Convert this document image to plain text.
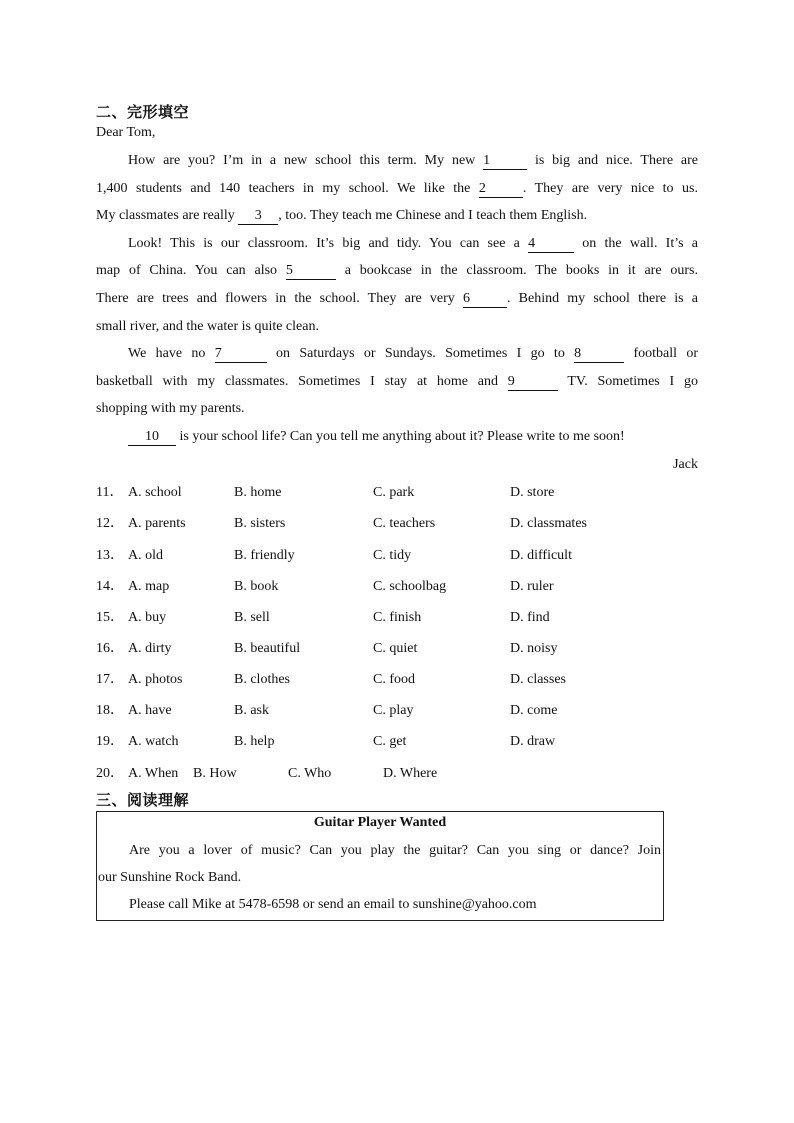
二、完形填空
Dear Tom,
How are you? I’m in a new school this term. My new 1	is big and nice. There are
1,400 students and 140 teachers in my school. We like the 2	. They are very nice to us.
My classmates are really 3 , too. They teach me Chinese and I teach them English.
Look! This is our classroom. It’s big and tidy. You can see a 4	on the wall. It’s a
map of China. You can also 5	a bookcase in the classroom. The books in it are ours.
There are trees and flowers in the school. They are very 6	. Behind my school there is a
small river, and the water is quite clean.
We have no 7	on Saturdays or Sundays. Sometimes I go to 8	football or
basketball with my classmates. Sometimes I stay at home and 9	TV. Sometimes I go
shopping with my parents.
10 is your school life? Can you tell me anything about it? Please write to me soon!
Jack
11． A. school	B. home	C. park	D. store
12． A. parents	B. sisters	C. teachers	D. classmates
13． A. old	B. friendly	C. tidy	D. difficult
14． A. map	B. book	C. schoolbag	D. ruler
15． A. buy	B. sell	C. finish	D. find
16． A. dirty	B. beautiful	C. quiet	D. noisy
17． A. photos	B. clothes	C. food	D. classes
18． A. have	B. ask	C. play	D. come
19． A. watch	B. help	C. get	D. draw
20． A. When B. How	C. Who	D. Where
三、阅读理解
Guitar Player Wanted
Are you a lover of music? Can you play the guitar? Can you sing or dance? Join
our Sunshine Rock Band.
Please call Mike at 5478-6598 or send an email to sunshine@yahoo.com
